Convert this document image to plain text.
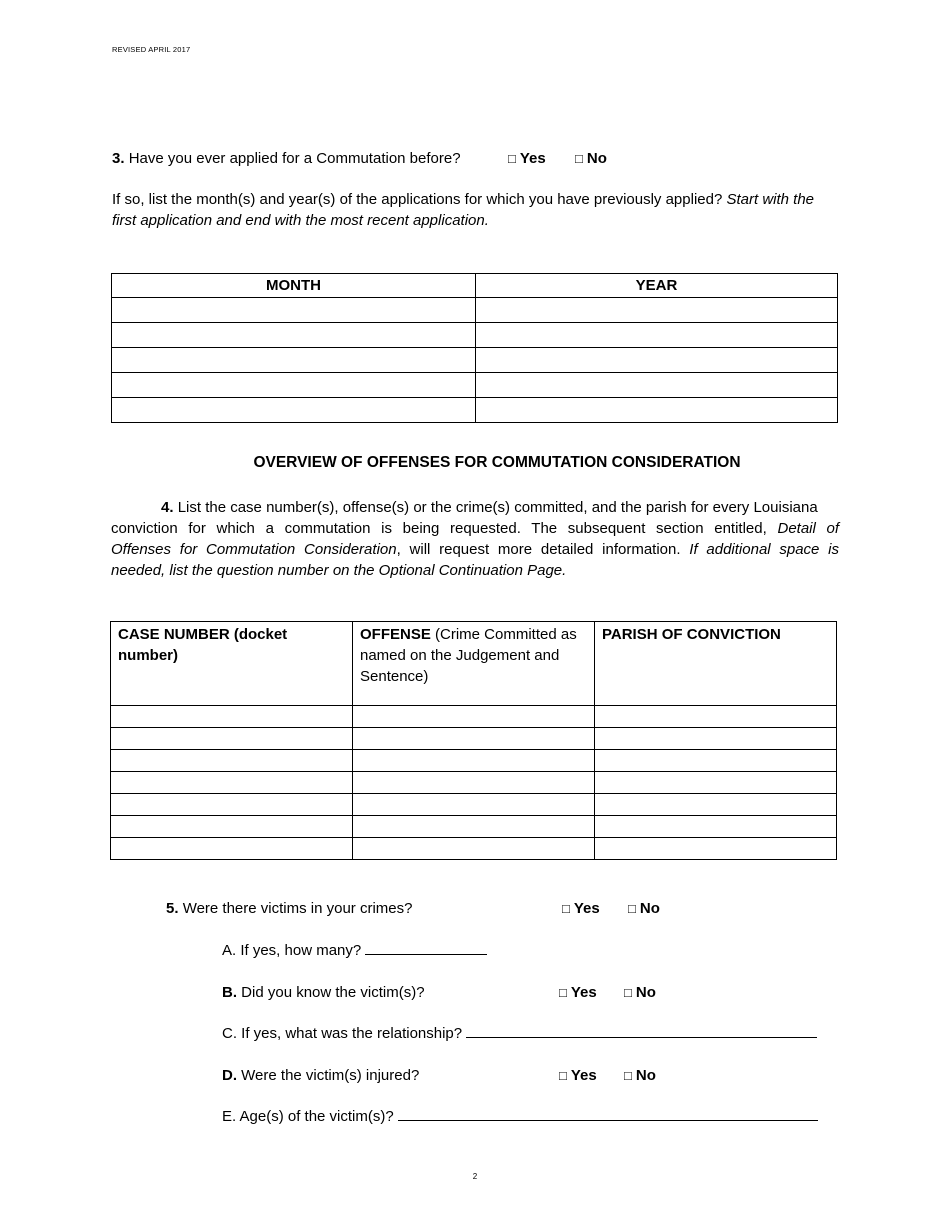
REVISED APRIL 2017
3. Have you ever applied for a Commutation before?	□ Yes □ No
If so, list the month(s) and year(s) of the applications for which you have previously applied? Start with the
first application and end with the most recent application.
MONTH	YEAR

OVERVIEW OF OFFENSES FOR COMMUTATION CONSIDERATION
4. List the case number(s), offense(s) or the crime(s) committed, and the parish for every Louisiana
conviction for which a commutation is being requested. The subsequent section entitled, Detail of
Offenses for Commutation Consideration, will request more detailed information. If additional space is
needed, list the question number on the Optional Continuation Page.
CASE NUMBER (docket number)	OFFENSE (Crime Committed as named on the Judgement and Sentence)	PARISH OF CONVICTION

5. Were there victims in your crimes?	□ Yes □ No
A. If yes, how many?
B. Did you know the victim(s)?	□ Yes □ No
C. If yes, what was the relationship?
D. Were the victim(s) injured?	□ Yes □ No
E. Age(s) of the victim(s)?
2
